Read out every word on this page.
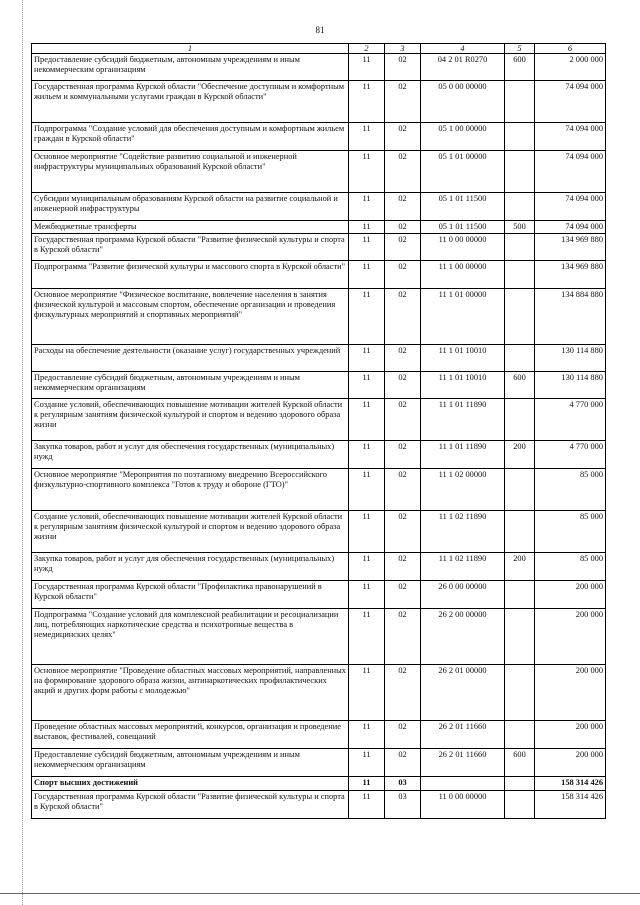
81
1	2	3	4	5	6
Предоставление субсидий бюджетным, автономным учреждениям и иным некоммерческим организациям	11	02	04 2 01 R0270	600	2 000 000
Государственная программа Курской области "Обеспечение доступным и комфортным жильем и коммунальными услугами граждан в Курской области"	11	02	05 0 00 00000		74 094 000
Подпрограмма "Создание условий для обеспечения доступным и комфортным жильем граждан в Курской области"	11	02	05 1 00 00000		74 094 000
Основное мероприятие "Содействие развитию социальной и инженерной инфраструктуры муниципальных образований Курской области"	11	02	05 1 01 00000		74 094 000
Субсидии муниципальным образованиям Курской области на развитие социальной и инженерной инфраструктуры	11	02	05 1 01 11500		74 094 000
Межбюджетные трансферты	11	02	05 1 01 11500	500	74 094 000
Государственная программа Курской области "Развитие физической культуры и спорта в Курской области"	11	02	11 0 00 00000		134 969 880
Подпрограмма "Развитие физической культуры и массового спорта в Курской области"	11	02	11 1 00 00000		134 969 880
Основное мероприятие "Физическое воспитание, вовлечение населения в занятия физической культурой и массовым спортом, обеспечение организации и проведения физкультурных мероприятий и спортивных мероприятий"	11	02	11 1 01 00000		134 884 880
Расходы на обеспечение деятельности (оказание услуг) государственных учреждений	11	02	11 1 01 10010		130 114 880
Предоставление субсидий бюджетным, автономным учреждениям и иным некоммерческим организациям	11	02	11 1 01 10010	600	130 114 880
Создание условий, обеспечивающих повышение мотивации жителей Курской области к регулярным занятиям физической культурой и спортом и ведению здорового образа жизни	11	02	11 1 01 11890		4 770 000
Закупка товаров, работ и услуг для обеспечения государственных (муниципальных) нужд	11	02	11 1 01 11890	200	4 770 000
Основное мероприятие "Мероприятия по поэтапному внедрению Всероссийского физкультурно-спортивного комплекса "Готов к труду и обороне (ГТО)"	11	02	11 1 02 00000		85 000
Создание условий, обеспечивающих повышение мотивации жителей Курской области к регулярным занятиям физической культурой и спортом и ведению здорового образа жизни	11	02	11 1 02 11890		85 000
Закупка товаров, работ и услуг для обеспечения государственных (муниципальных) нужд	11	02	11 1 02 11890	200	85 000
Государственная программа Курской области "Профилактика правонарушений в Курской области"	11	02	26 0 00 00000		200 000
Подпрограмма "Создание условий для комплексной реабилитации и ресоциализации лиц, потребляющих наркотические средства и психотропные вещества в немедицинских целях"	11	02	26 2 00 00000		200 000
Основное мероприятие "Проведение областных массовых мероприятий, направленных на формирование здорового образа жизни, антинаркотических профилактических акций и других форм работы с молодежью"	11	02	26 2 01 00000		200 000
Проведение областных массовых мероприятий, конкурсов, организация и проведение выставок, фестивалей, совещаний	11	02	26 2 01 11660		200 000
Предоставление субсидий бюджетным, автономным учреждениям и иным некоммерческим организациям	11	02	26 2 01 11660	600	200 000
Спорт высших достижений	11	03			158 314 426
Государственная программа Курской области "Развитие физической культуры и спорта в Курской области"	11	03	11 0 00 00000		158 314 426
